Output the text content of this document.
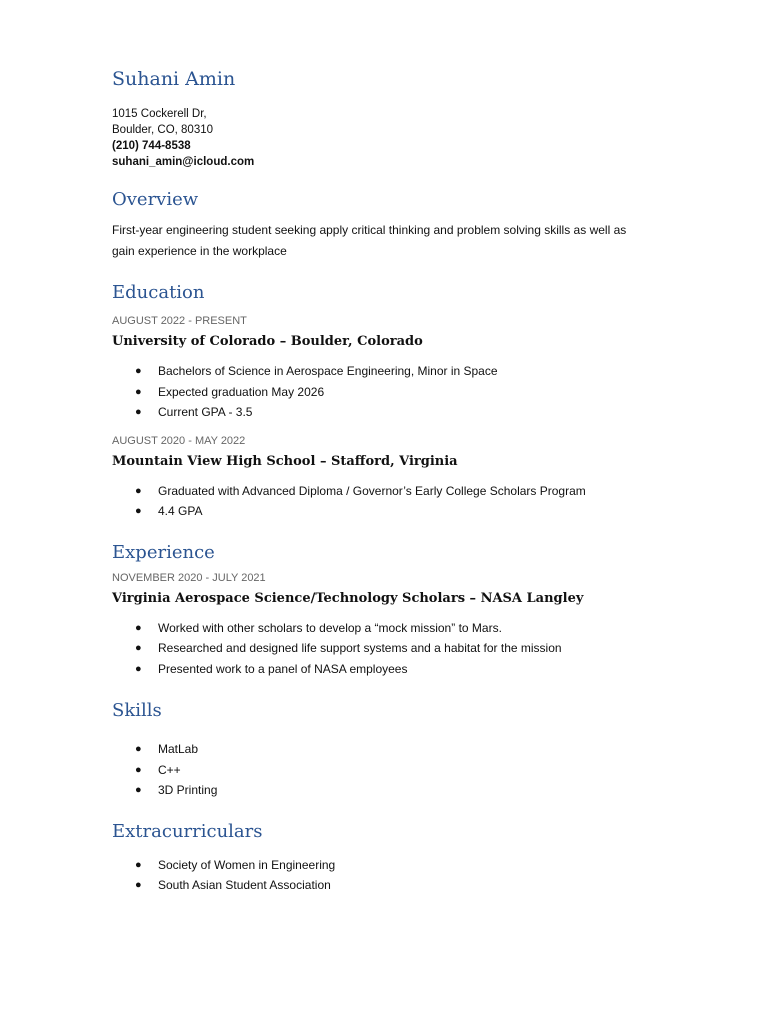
Suhani Amin

1015 Cockerell Dr,

Boulder, CO, 80310

(210) 744-8538

suhani_amin@icloud.com

Overview

First-year engineering student seeking apply critical thinking and problem solving skills as well as

gain experience in the workplace

Education

AUGUST 2022 - PRESENT

University of Colorado – Boulder, Colorado

● Bachelors of Science in Aerospace Engineering, Minor in Space
● Expected graduation May 2026
● Current GPA - 3.5

AUGUST 2020 - MAY 2022

Mountain View High School – Stafford, Virginia

● Graduated with Advanced Diploma / Governor’s Early College Scholars Program
● 4.4 GPA
Experience

NOVEMBER 2020 - JULY 2021

Virginia Aerospace Science/Technology Scholars – NASA Langley

● Worked with other scholars to develop a “mock mission” to Mars.
● Researched and designed life support systems and a habitat for the mission
● Presented work to a panel of NASA employees
Skills
● MatLab
● C++
● 3D Printing
Extracurriculars
● Society of Women in Engineering
● South Asian Student Association
